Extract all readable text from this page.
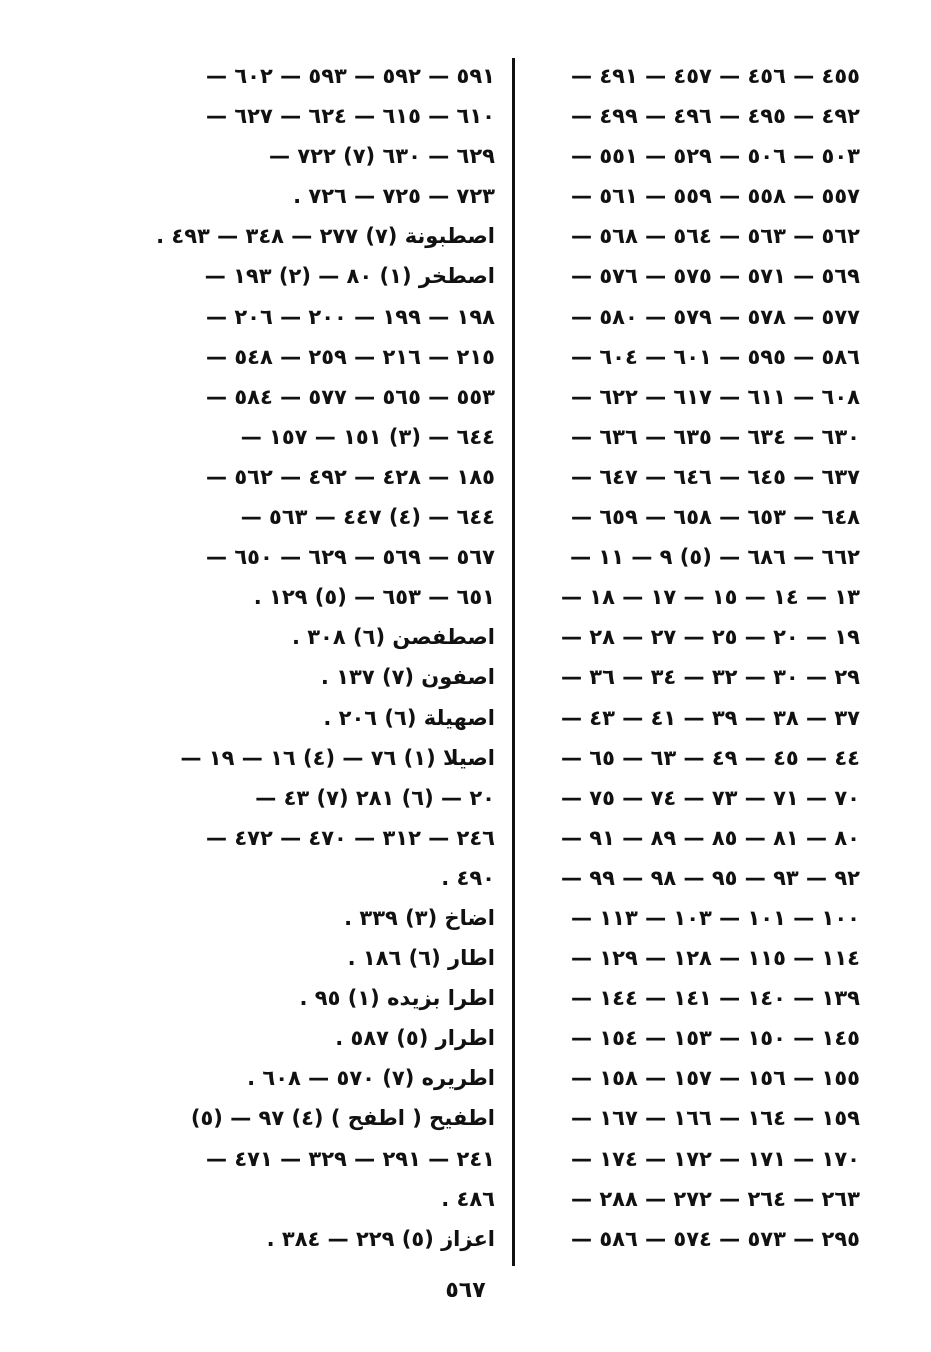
٤٥٥ — ٤٥٦ — ٤٥٧ — ٤٩١ —
٤٩٢ — ٤٩٥ — ٤٩٦ — ٤٩٩ —
٥٠٣ — ٥٠٦ — ٥٢٩ — ٥٥١ —
٥٥٧ — ٥٥٨ — ٥٥٩ — ٥٦١ —
٥٦٢ — ٥٦٣ — ٥٦٤ — ٥٦٨ —
٥٦٩ — ٥٧١ — ٥٧٥ — ٥٧٦ —
٥٧٧ — ٥٧٨ — ٥٧٩ — ٥٨٠ —
٥٨٦ — ٥٩٥ — ٦٠١ — ٦٠٤ —
٦٠٨ — ٦١١ — ٦١٧ — ٦٢٢ —
٦٣٠ — ٦٣٤ — ٦٣٥ — ٦٣٦ —
٦٣٧ — ٦٤٥ — ٦٤٦ — ٦٤٧ —
٦٤٨ — ٦٥٣ — ٦٥٨ — ٦٥٩ —
٦٦٢ — ٦٨٦ — (٥) ٩ — ١١ —
١٣ — ١٤ — ١٥ — ١٧ — ١٨ —
١٩ — ٢٠ — ٢٥ — ٢٧ — ٢٨ —
٢٩ — ٣٠ — ٣٢ — ٣٤ — ٣٦ —
٣٧ — ٣٨ — ٣٩ — ٤١ — ٤٣ —
٤٤ — ٤٥ — ٤٩ — ٦٣ — ٦٥ —
٧٠ — ٧١ — ٧٣ — ٧٤ — ٧٥ —
٨٠ — ٨١ — ٨٥ — ٨٩ — ٩١ —
٩٢ — ٩٣ — ٩٥ — ٩٨ — ٩٩ —
١٠٠ — ١٠١ — ١٠٣ — ١١٣ —
١١٤ — ١١٥ — ١٢٨ — ١٢٩ —
١٣٩ — ١٤٠ — ١٤١ — ١٤٤ —
١٤٥ — ١٥٠ — ١٥٣ — ١٥٤ —
١٥٥ — ١٥٦ — ١٥٧ — ١٥٨ —
١٥٩ — ١٦٤ — ١٦٦ — ١٦٧ —
١٧٠ — ١٧١ — ١٧٢ — ١٧٤ —
٢٦٣ — ٢٦٤ — ٢٧٢ — ٢٨٨ —
٢٩٥ — ٥٧٣ — ٥٧٤ — ٥٨٦ —
٥٩١ — ٥٩٢ — ٥٩٣ — ٦٠٢ —
٦١٠ — ٦١٥ — ٦٢٤ — ٦٢٧ —
٦٢٩ — ٦٣٠ (٧) ٧٢٢ —
٧٢٣ — ٧٢٥ — ٧٢٦ .
اصطبونة (٧) ٢٧٧ — ٣٤٨ — ٤٩٣ .
اصطخر (١) ٨٠ — (٢) ١٩٣ —
١٩٨ — ١٩٩ — ٢٠٠ — ٢٠٦ —
٢١٥ — ٢١٦ — ٢٥٩ — ٥٤٨ —
٥٥٣ — ٥٦٥ — ٥٧٧ — ٥٨٤ —
٦٤٤ — (٣) ١٥١ — ١٥٧ —
١٨٥ — ٤٢٨ — ٤٩٢ — ٥٦٢ —
٦٤٤ — (٤) ٤٤٧ — ٥٦٣ —
٥٦٧ — ٥٦٩ — ٦٢٩ — ٦٥٠ —
٦٥١ — ٦٥٣ — (٥) ١٢٩ .
اصطفصن (٦) ٣٠٨ .
اصفون (٧) ١٣٧ .
اصهيلة (٦) ٢٠٦ .
اصيلا (١) ٧٦ — (٤) ١٦ — ١٩ —
٢٠ — (٦) ٢٨١ (٧) ٤٣ —
٢٤٦ — ٣١٢ — ٤٧٠ — ٤٧٢ —
٤٩٠ .
اضاخ (٣) ٣٣٩ .
اطار (٦) ١٨٦ .
اطرا بزيده (١) ٩٥ .
اطرار (٥) ٥٨٧ .
اطريره (٧) ٥٧٠ — ٦٠٨ .
اطفيح ( اطفح ) (٤) ٩٧ — (٥)
٢٤١ — ٢٩١ — ٣٢٩ — ٤٧١ —
٤٨٦ .
اعزاز (٥) ٢٢٩ — ٣٨٤ .
٥٦٧
